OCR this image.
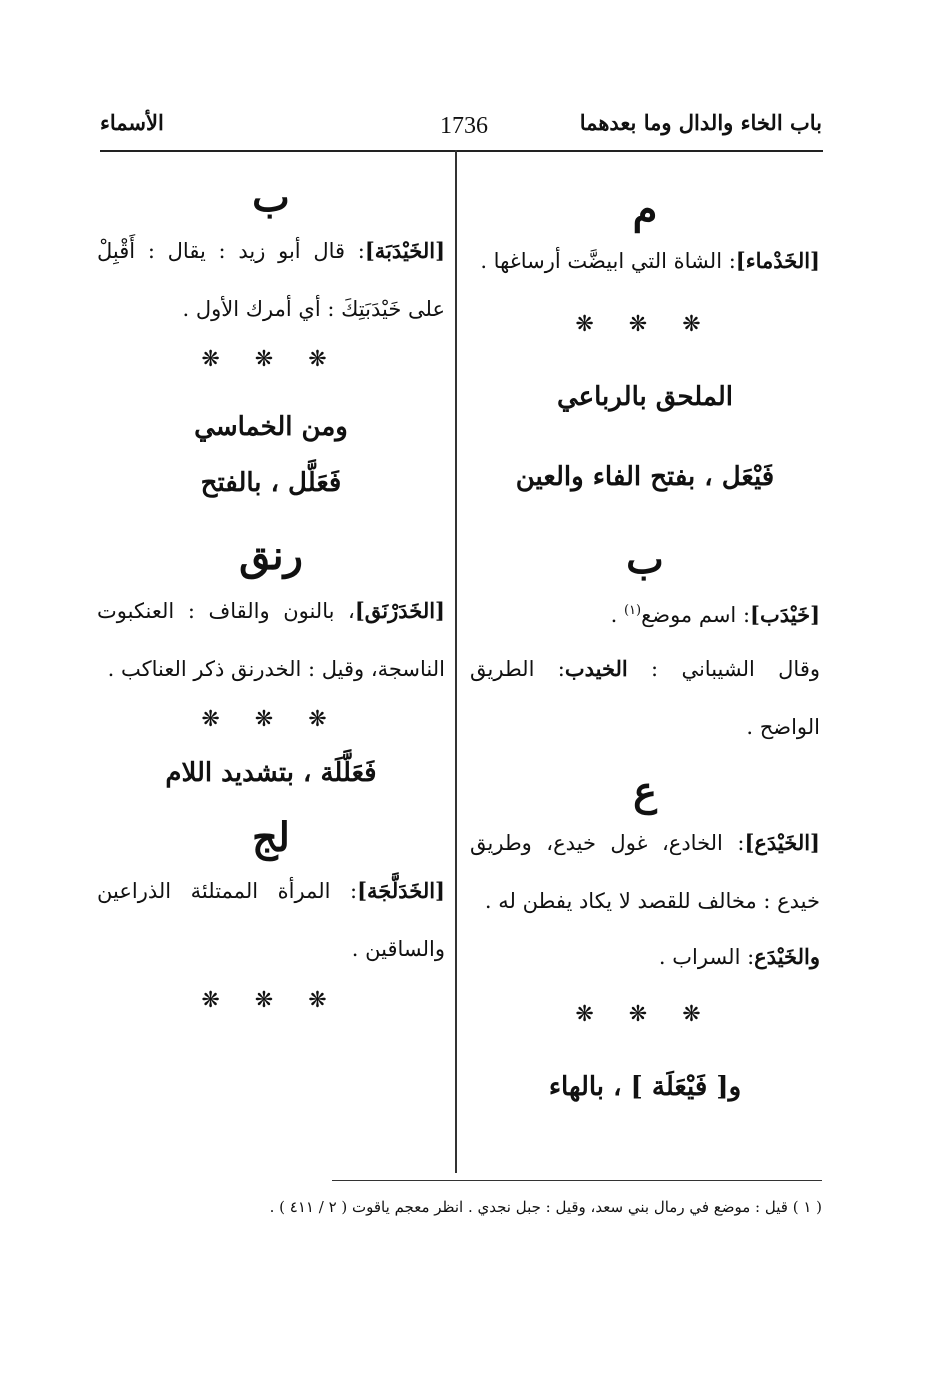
باب الخاء والدال وما بعدهما
1736
الأسماء
م
[الخَدْماء]: الشاة التي ابيضَّت أرساغها .
❋ ❋ ❋
الملحق بالرباعي
فَيْعَل ، بفتح الفاء والعين
ب
[خَيْدَب]: اسم موضع$^{(١)}$ .
وقال الشيباني : الخيدب: الطريق الواضح .
ع
[الخَيْدَع]: الخادع، غول خيدع، وطريق خيدع : مخالف للقصد لا يكاد يفطن له .
والخَيْدَع: السراب .
❋ ❋ ❋
و[ فَيْعَلَة ] ، بالهاء
ب
[الخَيْدَبَة]: قال أبو زيد : يقال : أَقْبِلْ على خَيْدَبَتِكَ : أي أمرك الأول .
❋ ❋ ❋
ومن الخماسي
فَعَلَّل ، بالفتح
رنق
[الخَدَرْنَق]، بالنون والقاف : العنكبوت الناسجة، وقيل : الخدرنق ذكر العناكب .
❋ ❋ ❋
فَعَلَّلَة ، بتشديد اللام
لج
[الخَدَلَّجَة]: المرأة الممتلئة الذراعين والساقين .
❋ ❋ ❋
( ١ ) قيل : موضع في رمال بني سعد، وقيل : جبل نجدي . انظر معجم ياقوت ( ٢ / ٤١١ ) .
